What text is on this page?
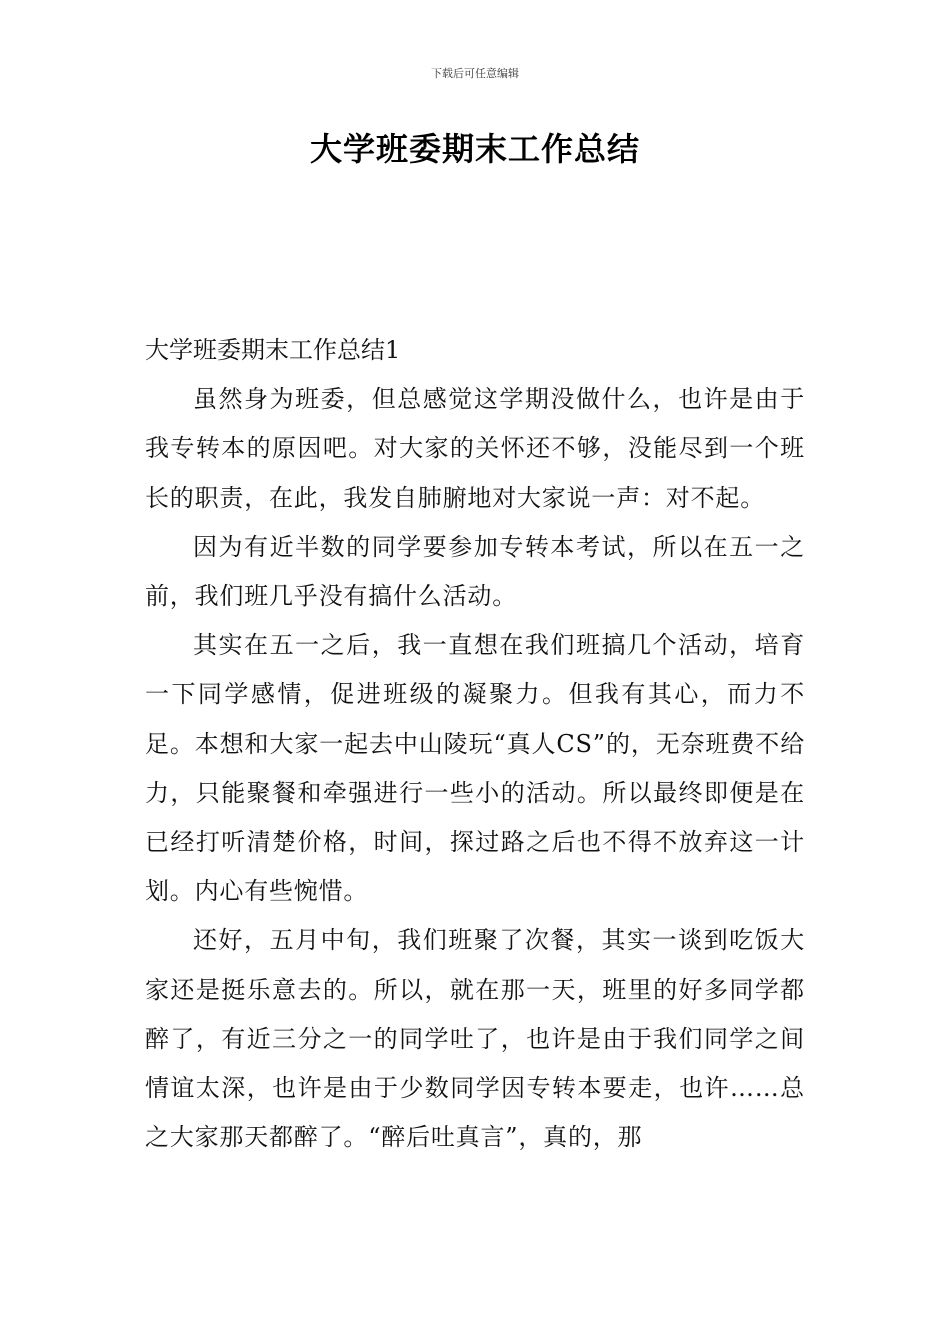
下载后可任意编辑
大学班委期末工作总结

大学班委期末工作总结1

虽然身为班委，但总感觉这学期没做什么，也许是由于我专转本的原因吧。对大家的关怀还不够，没能尽到一个班长的职责，在此，我发自肺腑地对大家说一声：对不起。

因为有近半数的同学要参加专转本考试，所以在五一之前，我们班几乎没有搞什么活动。

其实在五一之后，我一直想在我们班搞几个活动，培育一下同学感情，促进班级的凝聚力。但我有其心，而力不足。本想和大家一起去中山陵玩“真人CS”的，无奈班费不给力，只能聚餐和牵强进行一些小的活动。所以最终即便是在已经打听清楚价格，时间，探过路之后也不得不放弃这一计划。内心有些惋惜。

还好，五月中旬，我们班聚了次餐，其实一谈到吃饭大家还是挺乐意去的。所以，就在那一天，班里的好多同学都醉了，有近三分之一的同学吐了，也许是由于我们同学之间情谊太深，也许是由于少数同学因专转本要走，也许……总之大家那天都醉了。“醉后吐真言”，真的，那
